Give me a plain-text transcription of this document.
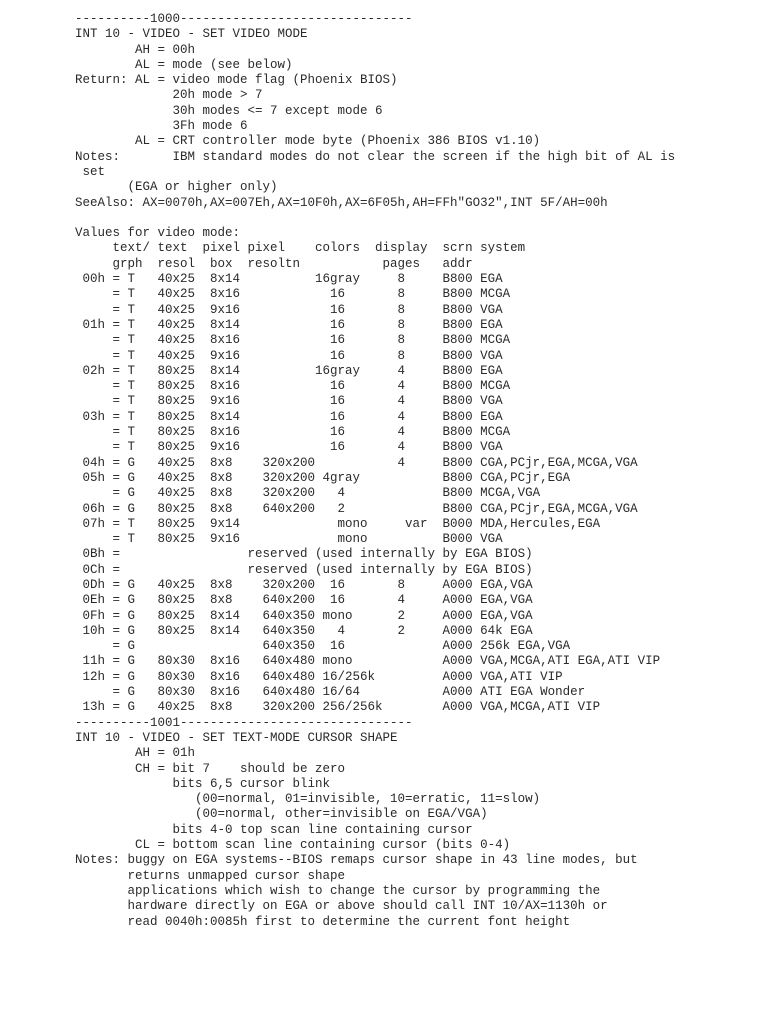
----------1000-------------------------------
INT 10 - VIDEO - SET VIDEO MODE
AH = 00h
AL = mode (see below)
Return: AL = video mode flag (Phoenix BIOS)
20h mode > 7
30h modes <= 7 except mode 6
3Fh mode 6
AL = CRT controller mode byte (Phoenix 386 BIOS v1.10)
Notes:       IBM standard modes do not clear the screen if the high bit of AL is
set
(EGA or higher only)
SeeAlso: AX=0070h,AX=007Eh,AX=10F0h,AX=6F05h,AH=FFh"GO32",INT 5F/AH=00h

Values for video mode:
text/ text  pixel pixel    colors  display  scrn system
grph  resol  box  resoltn           pages   addr
00h = T   40x25  8x14          16gray     8     B800 EGA
= T   40x25  8x16            16       8     B800 MCGA
= T   40x25  9x16            16       8     B800 VGA
01h = T   40x25  8x14            16       8     B800 EGA
= T   40x25  8x16            16       8     B800 MCGA
= T   40x25  9x16            16       8     B800 VGA
02h = T   80x25  8x14          16gray     4     B800 EGA
= T   80x25  8x16            16       4     B800 MCGA
= T   80x25  9x16            16       4     B800 VGA
03h = T   80x25  8x14            16       4     B800 EGA
= T   80x25  8x16            16       4     B800 MCGA
= T   80x25  9x16            16       4     B800 VGA
04h = G   40x25  8x8    320x200           4     B800 CGA,PCjr,EGA,MCGA,VGA
05h = G   40x25  8x8    320x200 4gray           B800 CGA,PCjr,EGA
= G   40x25  8x8    320x200   4             B800 MCGA,VGA
06h = G   80x25  8x8    640x200   2             B800 CGA,PCjr,EGA,MCGA,VGA
07h = T   80x25  9x14             mono     var  B000 MDA,Hercules,EGA
= T   80x25  9x16             mono          B000 VGA
0Bh =                 reserved (used internally by EGA BIOS)
0Ch =                 reserved (used internally by EGA BIOS)
0Dh = G   40x25  8x8    320x200  16       8     A000 EGA,VGA
0Eh = G   80x25  8x8    640x200  16       4     A000 EGA,VGA
0Fh = G   80x25  8x14   640x350 mono      2     A000 EGA,VGA
10h = G   80x25  8x14   640x350   4       2     A000 64k EGA
= G                 640x350  16             A000 256k EGA,VGA
11h = G   80x30  8x16   640x480 mono            A000 VGA,MCGA,ATI EGA,ATI VIP
12h = G   80x30  8x16   640x480 16/256k         A000 VGA,ATI VIP
= G   80x30  8x16   640x480 16/64           A000 ATI EGA Wonder
13h = G   40x25  8x8    320x200 256/256k        A000 VGA,MCGA,ATI VIP
----------1001-------------------------------
INT 10 - VIDEO - SET TEXT-MODE CURSOR SHAPE
AH = 01h
CH = bit 7    should be zero
bits 6,5 cursor blink
(00=normal, 01=invisible, 10=erratic, 11=slow)
(00=normal, other=invisible on EGA/VGA)
bits 4-0 top scan line containing cursor
CL = bottom scan line containing cursor (bits 0-4)
Notes: buggy on EGA systems--BIOS remaps cursor shape in 43 line modes, but
returns unmapped cursor shape
applications which wish to change the cursor by programming the
hardware directly on EGA or above should call INT 10/AX=1130h or
read 0040h:0085h first to determine the current font height
